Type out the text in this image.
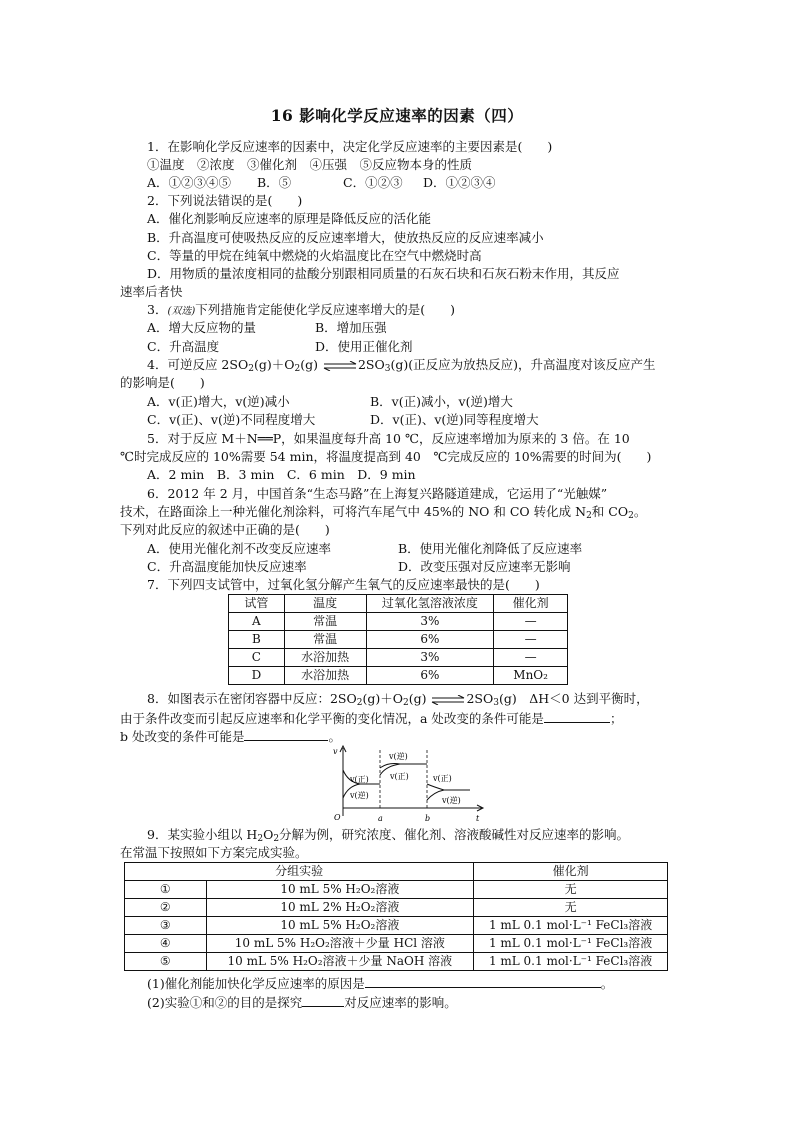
16 影响化学反应速率的因素（四）
1．在影响化学反应速率的因素中，决定化学反应速率的主要因素是(　　)
①温度　②浓度　③催化剂　④压强　⑤反应物本身的性质
A．①②③④⑤ B．⑤	C．①②③ D．①②③④
2．下列说法错误的是(　　)
A．催化剂影响反应速率的原理是降低反应的活化能
B．升高温度可使吸热反应的反应速率增大，使放热反应的反应速率减小
C．等量的甲烷在纯氧中燃烧的火焰温度比在空气中燃烧时高
D．用物质的量浓度相同的盐酸分别跟相同质量的石灰石块和石灰石粉末作用，其反应
速率后者快
3．(双选)下列措施肯定能使化学反应速率增大的是(　　)
A．增大反应物的量	B．增加压强
C．升高温度	D．使用正催化剂
4．可逆反应 $2SO_2(g)+O_2(g)$ $\rightleftharpoons 2SO_3(g)$(正反应为放热反应)，升高温度对该反应产生
的影响是(　　)
A．v(正)增大，v(逆)减小	B．v(正)减小，v(逆)增大
C．v(正)、v(逆)不同程度增大	D．v(正)、v(逆)同等程度增大
5．对于反应 M＋N══P，如果温度每升高 10 ℃，反应速率增加为原来的 3 倍。在 10
℃时完成反应的 10%需要 54 min，将温度提高到 40　℃完成反应的 10%需要的时间为(　　)
A．2 min　B．3 min　C．6 min　D．9 min
6．2012 年 2 月，中国首条“生态马路”在上海复兴路隧道建成，它运用了“光触媒”
技术，在路面涂上一种光催化剂涂料，可将汽车尾气中 45%的 NO 和 CO 转化成 $N_2$和 $CO_2$。
下列对此反应的叙述中正确的是(　　)
A．使用光催化剂不改变反应速率	B．使用光催化剂降低了反应速率
C．升高温度能加快反应速率	D．改变压强对反应速率无影响
7．下列四支试管中，过氧化氢分解产生氧气的反应速率最快的是(　　)
试管	温度	过氧化氢溶液浓度	催化剂
A	常温	3%	—
B	常温	6%	—
C	水浴加热	3%	—
D	水浴加热	6%	MnO₂
8．如图表示在密闭容器中反应：$2SO_2(g)+O_2(g)$ $\rightleftharpoons 2SO_3(g)$　ΔH＜0 达到平衡时，
由于条件改变而引起反应速率和化学平衡的变化情况，a 处改变的条件可能是	；
b 处改变的条件可能是	。
v
O	a	b	t
v(正)
v(逆)
v(逆)
v(正)	v(正)
v(逆)
9．某实验小组以 $H_2O_2$分解为例，研究浓度、催化剂、溶液酸碱性对反应速率的影响。
在常温下按照如下方案完成实验。
分组实验		催化剂
①	10 mL 5% H₂O₂溶液	无
②	10 mL 2% H₂O₂溶液	无
③	10 mL 5% H₂O₂溶液	1 mL 0.1 mol·L⁻¹ FeCl₃溶液
④	10 mL 5% H₂O₂溶液＋少量 HCl 溶液	1 mL 0.1 mol·L⁻¹ FeCl₃溶液
⑤	10 mL 5% H₂O₂溶液＋少量 NaOH 溶液	1 mL 0.1 mol·L⁻¹ FeCl₃溶液
(1)催化剂能加快化学反应速率的原因是	。
(2)实验①和②的目的是探究	对反应速率的影响。
